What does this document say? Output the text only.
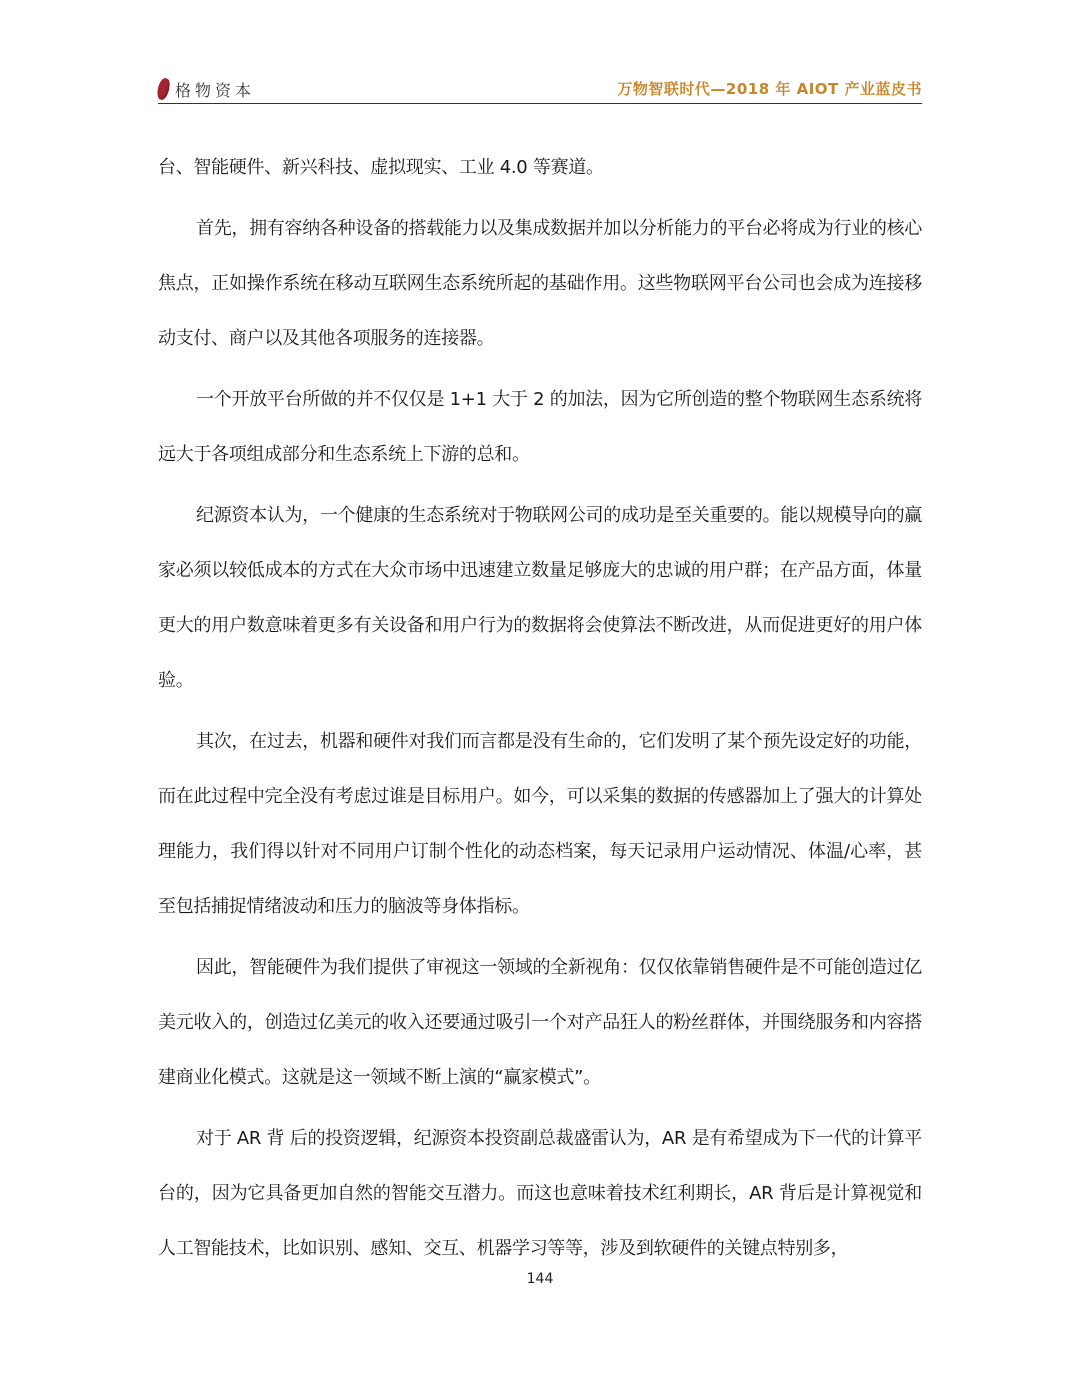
格物资本	万物智联时代—2018 年 AIOT 产业蓝皮书

台、智能硬件、新兴科技、虚拟现实、工业 4.0 等赛道。

首先，拥有容纳各种设备的搭载能力以及集成数据并加以分析能力的平台必将成为行业的核心焦点，正如操作系统在移动互联网生态系统所起的基础作用。这些物联网平台公司也会成为连接移动支付、商户以及其他各项服务的连接器。

一个开放平台所做的并不仅仅是 1+1 大于 2 的加法，因为它所创造的整个物联网生态系统将远大于各项组成部分和生态系统上下游的总和。

纪源资本认为，一个健康的生态系统对于物联网公司的成功是至关重要的。能以规模导向的赢家必须以较低成本的方式在大众市场中迅速建立数量足够庞大的忠诚的用户群；在产品方面，体量更大的用户数意味着更多有关设备和用户行为的数据将会使算法不断改进，从而促进更好的用户体验。

其次，在过去，机器和硬件对我们而言都是没有生命的，它们发明了某个预先设定好的功能，而在此过程中完全没有考虑过谁是目标用户。如今，可以采集的数据的传感器加上了强大的计算处理能力，我们得以针对不同用户订制个性化的动态档案，每天记录用户运动情况、体温/心率，甚至包括捕捉情绪波动和压力的脑波等身体指标。

因此，智能硬件为我们提供了审视这一领域的全新视角：仅仅依靠销售硬件是不可能创造过亿美元收入的，创造过亿美元的收入还要通过吸引一个对产品狂人的粉丝群体，并围绕服务和内容搭建商业化模式。这就是这一领域不断上演的“赢家模式”。

对于 AR 背 后的投资逻辑，纪源资本投资副总裁盛雷认为，AR 是有希望成为下一代的计算平台的，因为它具备更加自然的智能交互潜力。而这也意味着技术红利期长，AR 背后是计算视觉和人工智能技术，比如识别、感知、交互、机器学习等等，涉及到软硬件的关键点特别多，

144
